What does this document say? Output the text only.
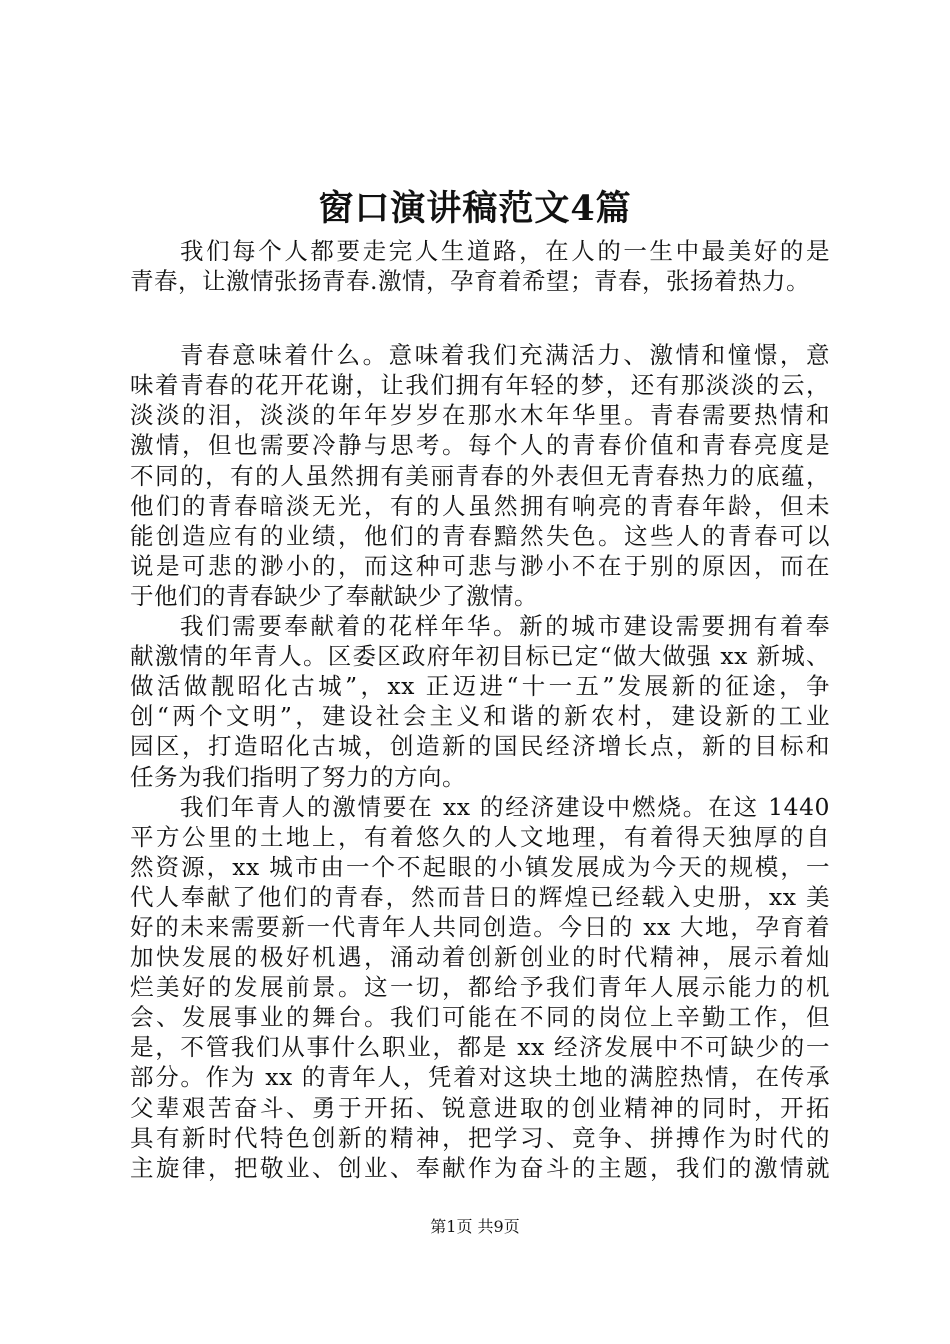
窗口演讲稿范文4篇
我们每个人都要走完人生道路，在人的一生中最美好的是
青春，让激情张扬青春.激情，孕育着希望；青春，张扬着热力。
青春意味着什么。意味着我们充满活力、激情和憧憬，意
味着青春的花开花谢，让我们拥有年轻的梦，还有那淡淡的云，
淡淡的泪，淡淡的年年岁岁在那水木年华里。青春需要热情和
激情，但也需要冷静与思考。每个人的青春价值和青春亮度是
不同的，有的人虽然拥有美丽青春的外表但无青春热力的底蕴，
他们的青春暗淡无光，有的人虽然拥有响亮的青春年龄，但未
能创造应有的业绩，他们的青春黯然失色。这些人的青春可以
说是可悲的渺小的，而这种可悲与渺小不在于别的原因，而在
于他们的青春缺少了奉献缺少了激情。
我们需要奉献着的花样年华。新的城市建设需要拥有着奉
献激情的年青人。区委区政府年初目标已定“做大做强 xx 新城、
做活做靓昭化古城”，xx 正迈进“十一五”发展新的征途，争
创“两个文明”，建设社会主义和谐的新农村，建设新的工业
园区，打造昭化古城，创造新的国民经济增长点，新的目标和
任务为我们指明了努力的方向。
我们年青人的激情要在 xx 的经济建设中燃烧。在这 1440
平方公里的土地上，有着悠久的人文地理，有着得天独厚的自
然资源，xx 城市由一个不起眼的小镇发展成为今天的规模，一
代人奉献了他们的青春，然而昔日的辉煌已经载入史册，xx 美
好的未来需要新一代青年人共同创造。今日的 xx 大地，孕育着
加快发展的极好机遇，涌动着创新创业的时代精神，展示着灿
烂美好的发展前景。这一切，都给予我们青年人展示能力的机
会、发展事业的舞台。我们可能在不同的岗位上辛勤工作，但
是，不管我们从事什么职业，都是 xx 经济发展中不可缺少的一
部分。作为 xx 的青年人，凭着对这块土地的满腔热情，在传承
父辈艰苦奋斗、勇于开拓、锐意进取的创业精神的同时，开拓
具有新时代特色创新的精神，把学习、竞争、拼搏作为时代的
主旋律，把敬业、创业、奉献作为奋斗的主题，我们的激情就
第1页 共9页
